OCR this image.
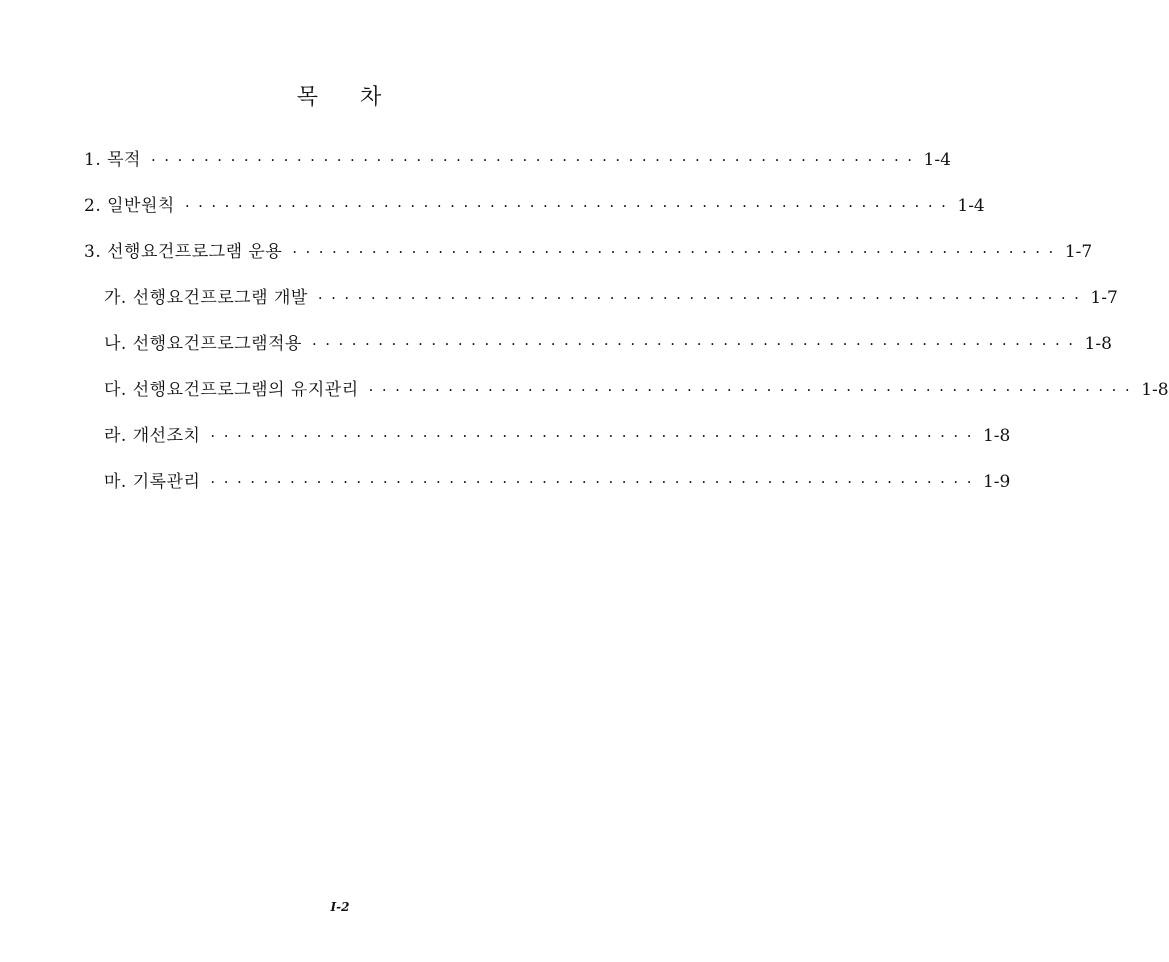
목 차
1. 목적 ·························································· 1-4
2. 일반원칙 ·························································· 1-4
3. 선행요건프로그램 운용 ·························································· 1-7
가. 선행요건프로그램 개발 ·························································· 1-7
나. 선행요건프로그램적용 ·························································· 1-8
다. 선행요건프로그램의 유지관리 ·························································· 1-8
라. 개선조치 ·························································· 1-8
마. 기록관리 ·························································· 1-9
I-2
